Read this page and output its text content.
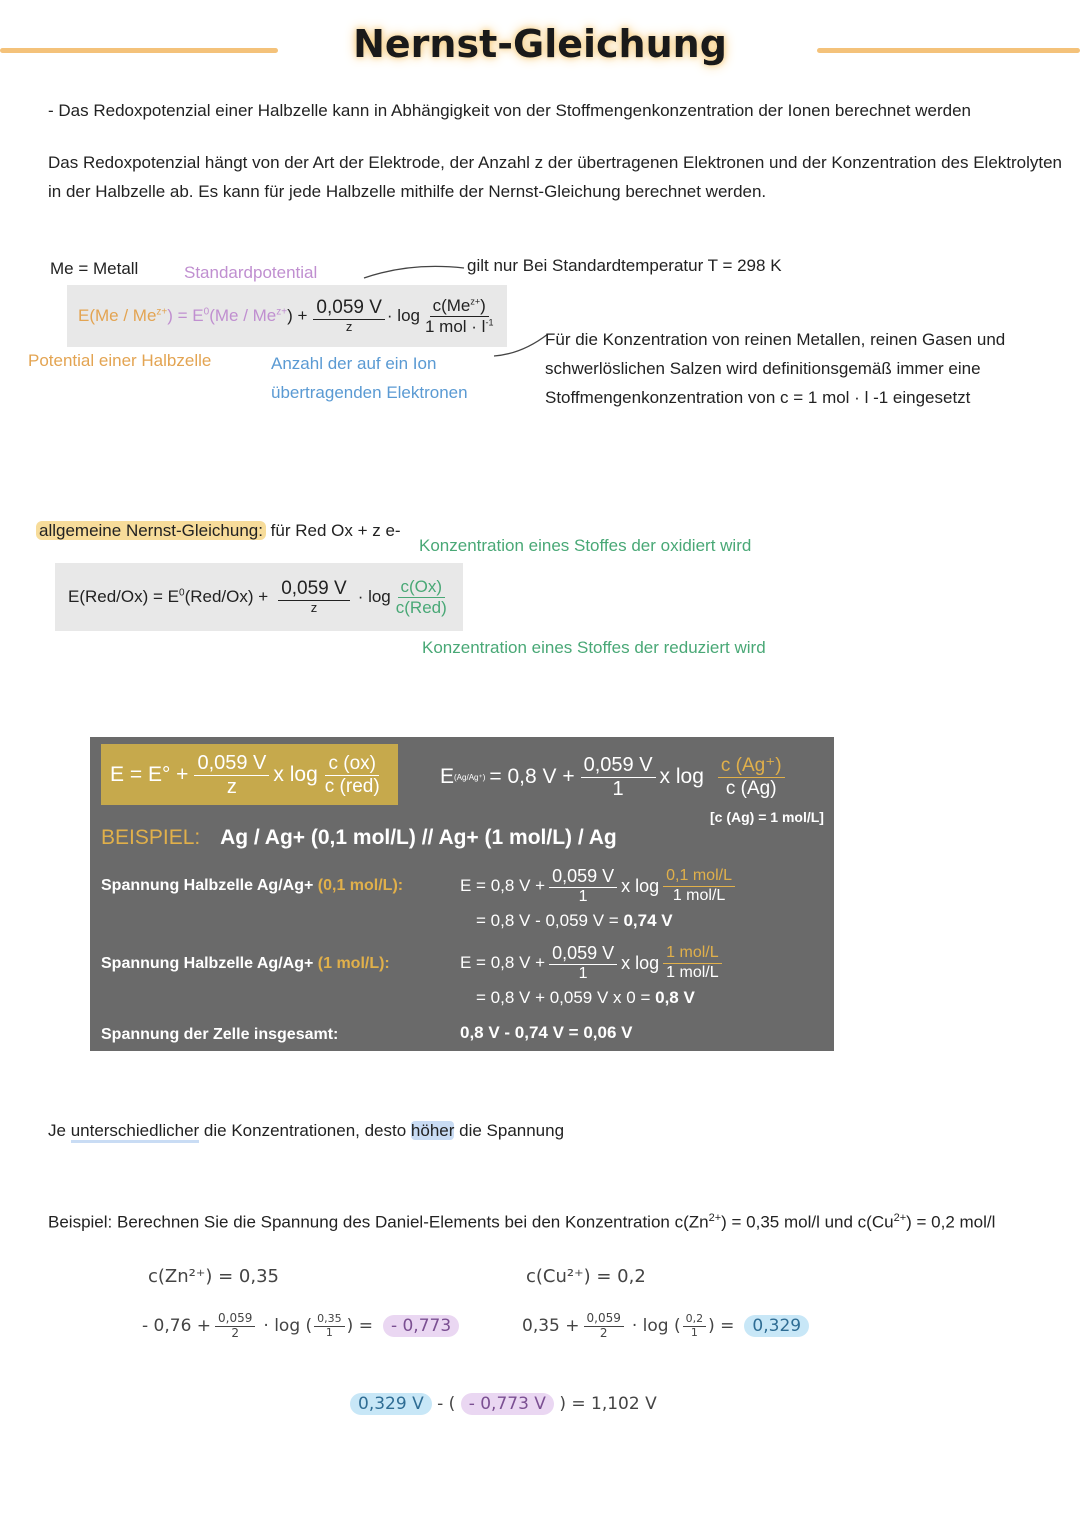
Nernst-Gleichung
- Das Redoxpotenzial einer Halbzelle kann in Abhängigkeit von der Stoffmengenkonzentration der Ionen berechnet werden
Das Redoxpotenzial hängt von der Art der Elektrode, der Anzahl z der übertragenen Elektronen und der Konzentration des Elektrolyten
in der Halbzelle ab. Es kann für jede Halbzelle mithilfe der Nernst-Gleichung berechnet werden.
Me = Metall	Standardpotential	gilt nur Bei Standardtemperatur T = 298 K
$E(Me / Me^{z+}$ ) = $E^0(Me / Me^{z+}$ ) + $\frac{0,059 V}{z} \cdot \log \frac{c(Me^{z+})}{1 mol \cdot l^{-1}}$
Potential einer Halbzelle	Anzahl der auf ein Ion
übertragenden Elektronen
Für die Konzentration von reinen Metallen, reinen Gasen und
schwerlöslichen Salzen wird definitionsgemäß immer eine
Stoffmengenkonzentration von c = 1 mol · l -1 eingesetzt
allgemeine Nernst-Gleichung: für Red Ox + z e-
Konzentration eines Stoffes der oxidiert wird
$E(Red/Ox) = E^0(Red/Ox) + \frac{0,059 V}{z} \cdot \log \frac{c(Ox)}{\text{c(Red)}}$
Konzentration eines Stoffes der reduziert wird
$E = E^\circ + \frac{0,059 V}{z}$ x $\log \frac{c (ox)}{\text{c (red)}}$	E (Ag/Ag⁺) = 0,8 $V + \frac{0,059 V}{1}$ x $\log \frac{c (Ag^+)}{c (Ag)}$
[c (Ag) = 1 mol/L]
BEISPIEL: Ag / Ag+ (0,1 mol/L) // Ag+ (1 mol/L) / Ag
Spannung Halbzelle Ag/Ag+ (0,1 mol/L):	E = 0,8 $V + \frac{0,059 V}{1}$ x $\log \frac{\text{0,1 mol/L}}{\text{1 mol/L}}$
= 0,8 V - 0,059 V = 0,74 V
Spannung Halbzelle Ag/Ag+ (1 mol/L):	E = 0,8 $V + \frac{0,059 V}{1}$ x $\log \frac{\text{1 mol/L}}{\text{1 mol/L}}$
= 0,8 V + 0,059 V x 0 = 0,8 V
Spannung der Zelle insgesamt:	0,8 V - 0,74 V = 0,06 V
Je unterschiedlicher die Konzentrationen, desto höher die Spannung
Beispiel: Berechnen Sie die Spannung des Daniel-Elements bei den Konzentration $c(Zn^{2+}) = 0,35$ mol/l und $c(Cu^{2+}) = 0,2$ mol/l
c(Zn²⁺) = 0,35
- $0,76 + \frac{0,059}{2} \cdot \log$ ( $\frac{0,35}{1}$ ) =	- 0,773
c(Cu²⁺) = 0,2
$0,35 + \frac{0,059}{2} \cdot \log$ ( $\frac{0,2}{1}$ ) =	0,329
0,329 V - ( - 0,773 V ) = 1,102 V
